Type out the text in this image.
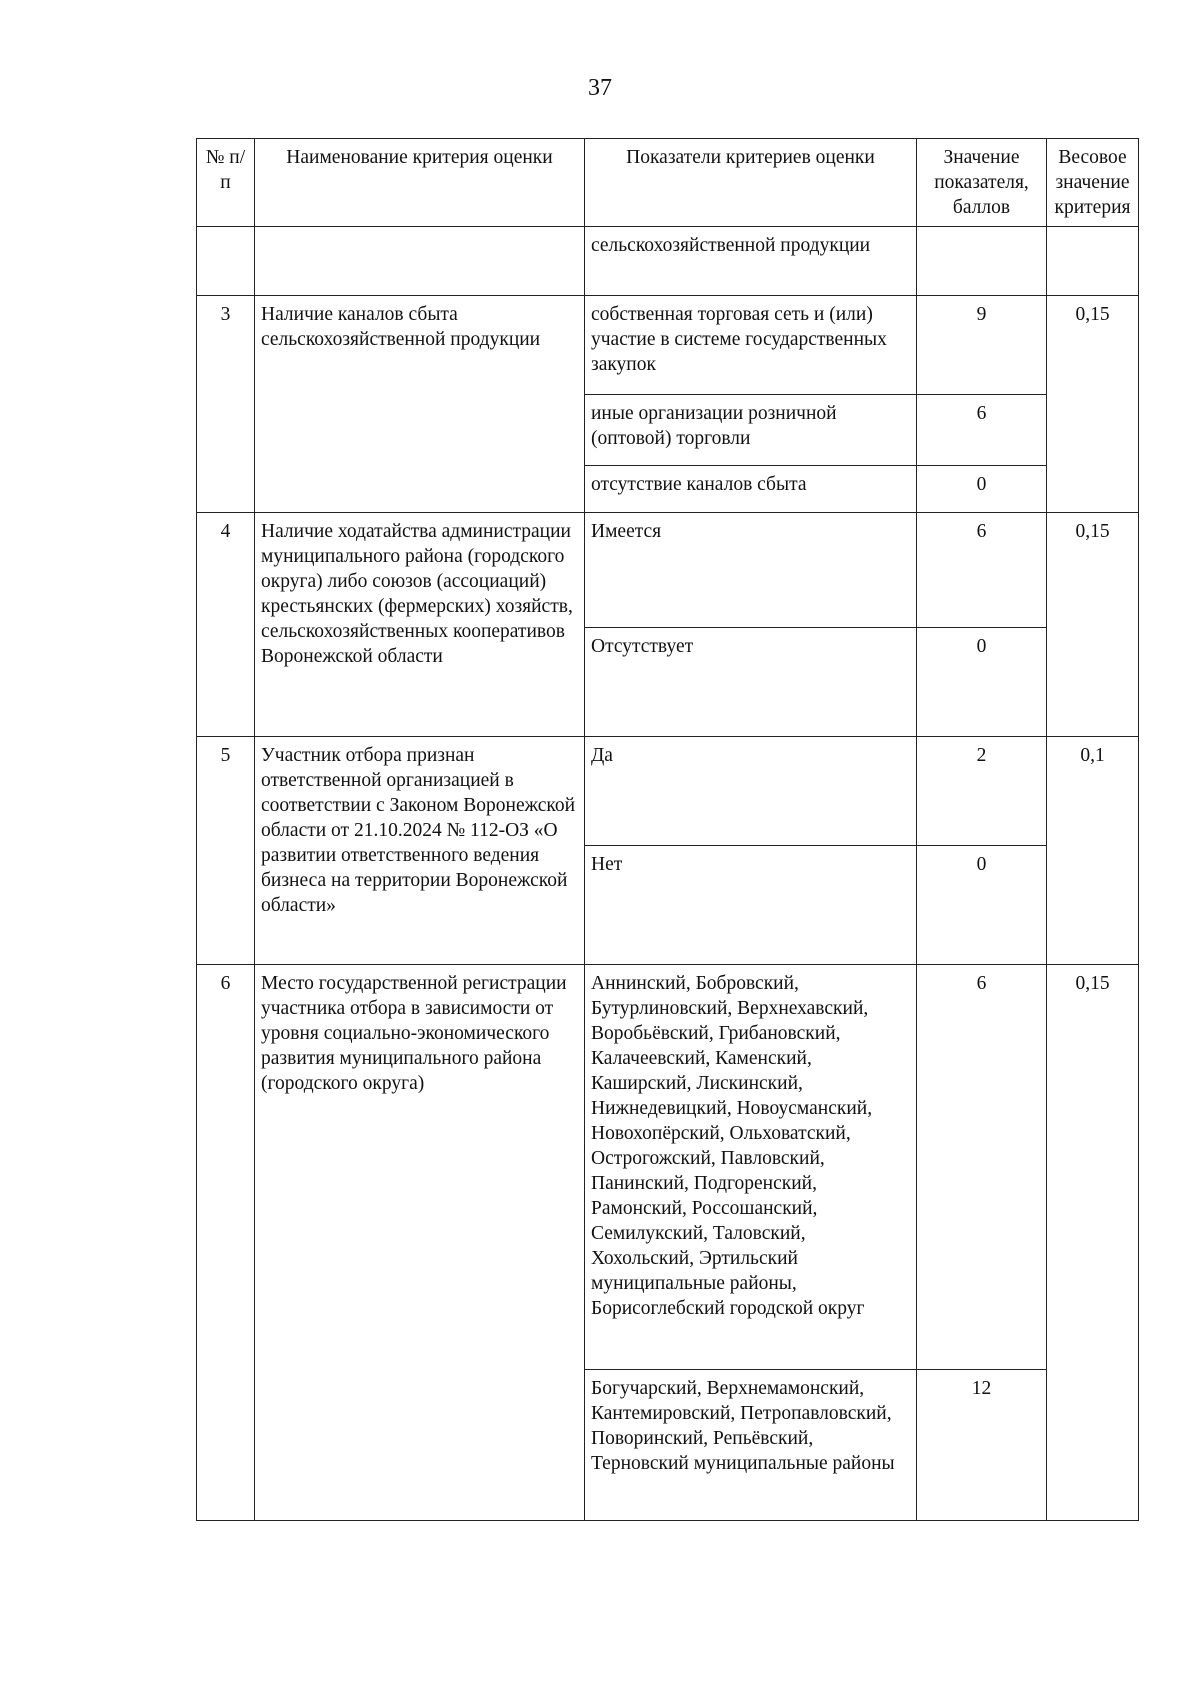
37
№ п/п	Наименование критерия оценки	Показатели критериев оценки	Значение показателя, баллов	Весовое значение критерия
		сельскохозяйственной продукции		
3	Наличие каналов сбыта сельскохозяйственной продукции	собственная торговая сеть и (или) участие в системе государственных закупок	9	0,15
		иные организации розничной (оптовой) торговли	6	
		отсутствие каналов сбыта	0	
4	Наличие ходатайства администрации муниципального района (городского округа) либо союзов (ассоциаций) крестьянских (фермерских) хозяйств, сельскохозяйственных кооперативов Воронежской области	Имеется	6	0,15
		Отсутствует	0	
5	Участник отбора признан ответственной организацией в соответствии с Законом Воронежской области от 21.10.2024 № 112-ОЗ «О развитии ответственного ведения бизнеса на территории Воронежской области»	Да	2	0,1
		Нет	0	
6	Место государственной регистрации участника отбора в зависимости от уровня социально-экономического развития муниципального района (городского округа)	Аннинский, Бобровский, Бутурлиновский, Верхнехавский, Воробьёвский, Грибановский, Калачеевский, Каменский, Каширский, Лискинский, Нижнедевицкий, Новоусманский, Новохопёрский, Ольховатский, Острогожский, Павловский, Панинский, Подгоренский, Рамонский, Россошанский, Семилукский, Таловский, Хохольский, Эртильский муниципальные районы, Борисоглебский городской округ	6	0,15
		Богучарский, Верхнемамонский, Кантемировский, Петропавловский, Поворинский, Репьёвский, Терновский муниципальные районы	12	
